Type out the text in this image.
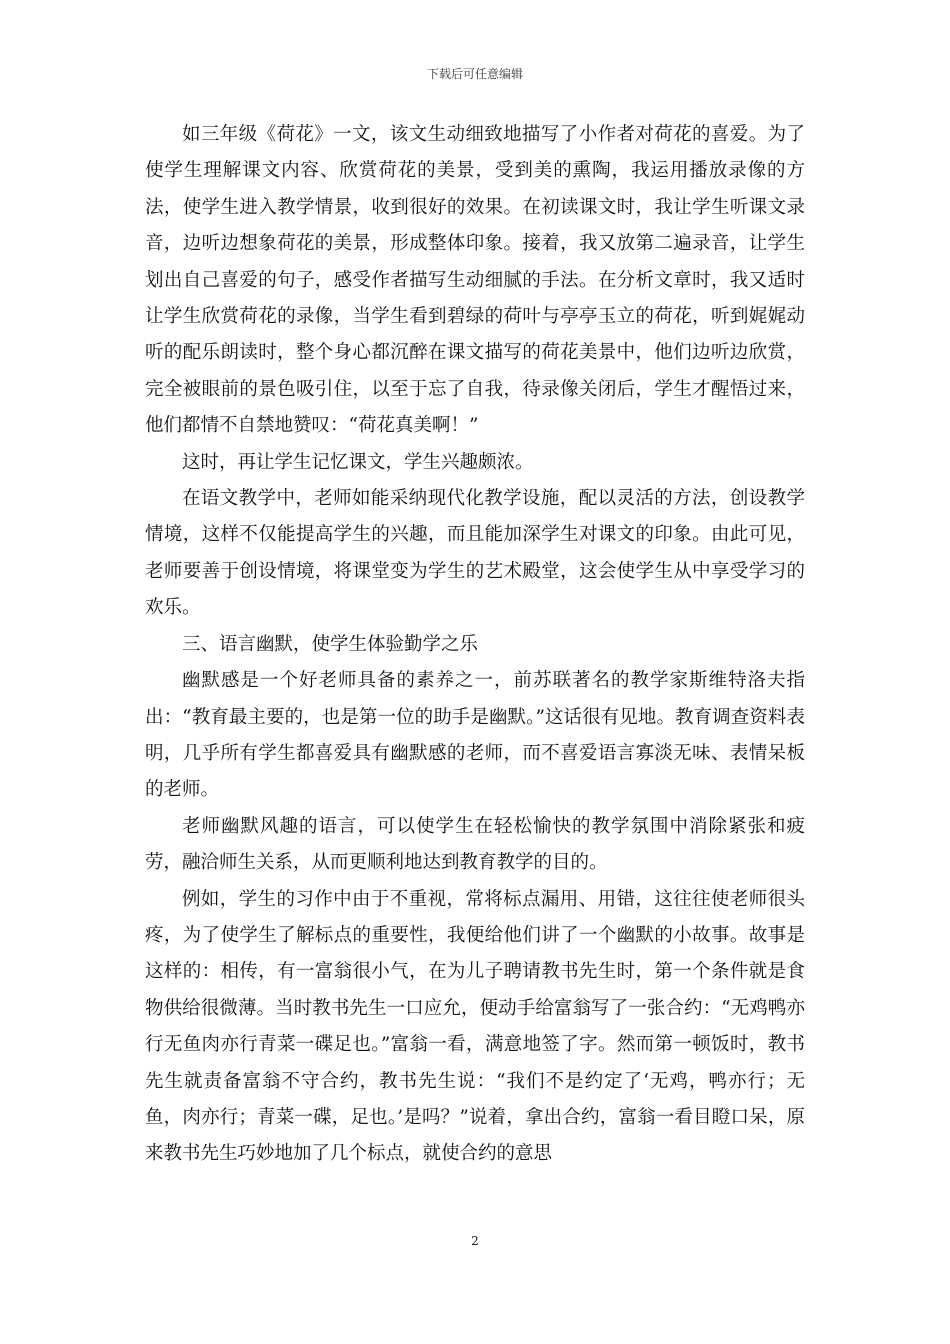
下载后可任意编辑

如三年级《荷花》一文，该文生动细致地描写了小作者对荷花的喜爱。为了使学生理解课文内容、欣赏荷花的美景，受到美的熏陶，我运用播放录像的方法，使学生进入教学情景，收到很好的效果。在初读课文时，我让学生听课文录音，边听边想象荷花的美景，形成整体印象。接着，我又放第二遍录音，让学生划出自己喜爱的句子，感受作者描写生动细腻的手法。在分析文章时，我又适时让学生欣赏荷花的录像，当学生看到碧绿的荷叶与亭亭玉立的荷花，听到娓娓动听的配乐朗读时，整个身心都沉醉在课文描写的荷花美景中，他们边听边欣赏，完全被眼前的景色吸引住，以至于忘了自我，待录像关闭后，学生才醒悟过来，他们都情不自禁地赞叹：“荷花真美啊！”

这时，再让学生记忆课文，学生兴趣颇浓。

在语文教学中，老师如能采纳现代化教学设施，配以灵活的方法，创设教学情境，这样不仅能提高学生的兴趣，而且能加深学生对课文的印象。由此可见，老师要善于创设情境，将课堂变为学生的艺术殿堂，这会使学生从中享受学习的欢乐。

三、语言幽默，使学生体验勤学之乐

幽默感是一个好老师具备的素养之一，前苏联著名的教学家斯维特洛夫指出：“教育最主要的，也是第一位的助手是幽默。”这话很有见地。教育调查资料表明，几乎所有学生都喜爱具有幽默感的老师，而不喜爱语言寡淡无味、表情呆板的老师。

老师幽默风趣的语言，可以使学生在轻松愉快的教学氛围中消除紧张和疲劳，融洽师生关系，从而更顺利地达到教育教学的目的。

例如，学生的习作中由于不重视，常将标点漏用、用错，这往往使老师很头疼，为了使学生了解标点的重要性，我便给他们讲了一个幽默的小故事。故事是这样的：相传，有一富翁很小气，在为儿子聘请教书先生时，第一个条件就是食物供给很微薄。当时教书先生一口应允，便动手给富翁写了一张合约：“无鸡鸭亦行无鱼肉亦行青菜一碟足也。”富翁一看，满意地签了字。然而第一顿饭时，教书先生就责备富翁不守合约，教书先生说：“我们不是约定了‘无鸡，鸭亦行；无鱼，肉亦行；青菜一碟，足也。’是吗？”说着，拿出合约，富翁一看目瞪口呆，原来教书先生巧妙地加了几个标点，就使合约的意思

2
